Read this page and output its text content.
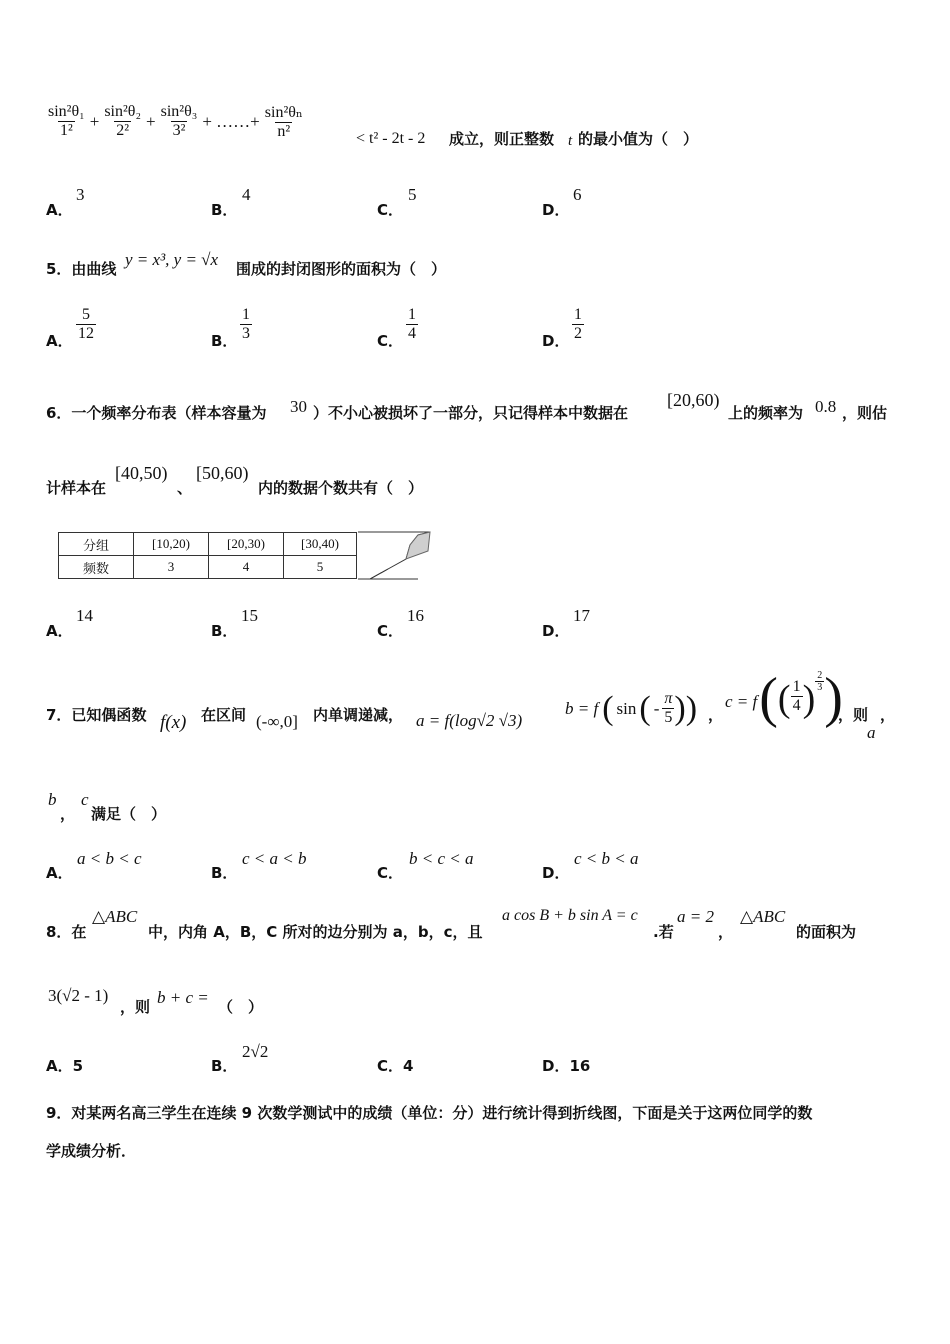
$\frac{\text{sin²θ₁}}{\text{1²}} + \frac{\text{sin²θ₂}}{\text{2²}} + \frac{\text{sin²θ₃}}{\text{3²}}$ + ……+ $\frac{\text{sin²θₙ}}{\text{n²}}$	< t² - 2t - 2 成立，则正整数 t 的最小值为（　）
A．
3
B．
4
C．
5
D．
6
5．由曲线 y = x³, y = √x 围成的封闭图形的面积为（　）
A． $\frac{5}{12}$	B． $\frac{1}{3}$	C． $\frac{1}{4}$	D． $\frac{1}{2}$
6．一个频率分布表（样本容量为 30 ）不小心被损坏了一部分，只记得样本中数据在
[20,60)
上的频率为 0.8 ，则估
计样本在
[40,50)
、
[50,60)
内的数据个数共有（　）
分组	[10,20)	[20,30)	[30,40)	
频数	3	4	5	
A．
14
B．
15
C．
16
D．
17
7．已知偶函数 f(x) 在区间 (-∞,0] 内单调递减， a = f(log√2 √3)
b = f ( sin ( - $\frac{\pi}{5}$ ) ) ，
c = f ( ( $\frac{1}{4}$ ) $\frac{2}{3}$ )
，则
a
，
b
，
c
满足（　）
A．
a < b < c
B．
c < a < b
C．
b < c < a
D．
c < b < a
8．在
△ABC
中，内角 A，B，C 所对的边分别为 a，b，c，且
a cos B + b sin A = c
.若
a = 2
，
△ABC
的面积为
3(√2 - 1)
，则 b + c = （　）
A．5	B．
2√2
C．4	D．16
9．对某两名高三学生在连续 9 次数学测试中的成绩（单位：分）进行统计得到折线图，下面是关于这两位同学的数
学成绩分析．
